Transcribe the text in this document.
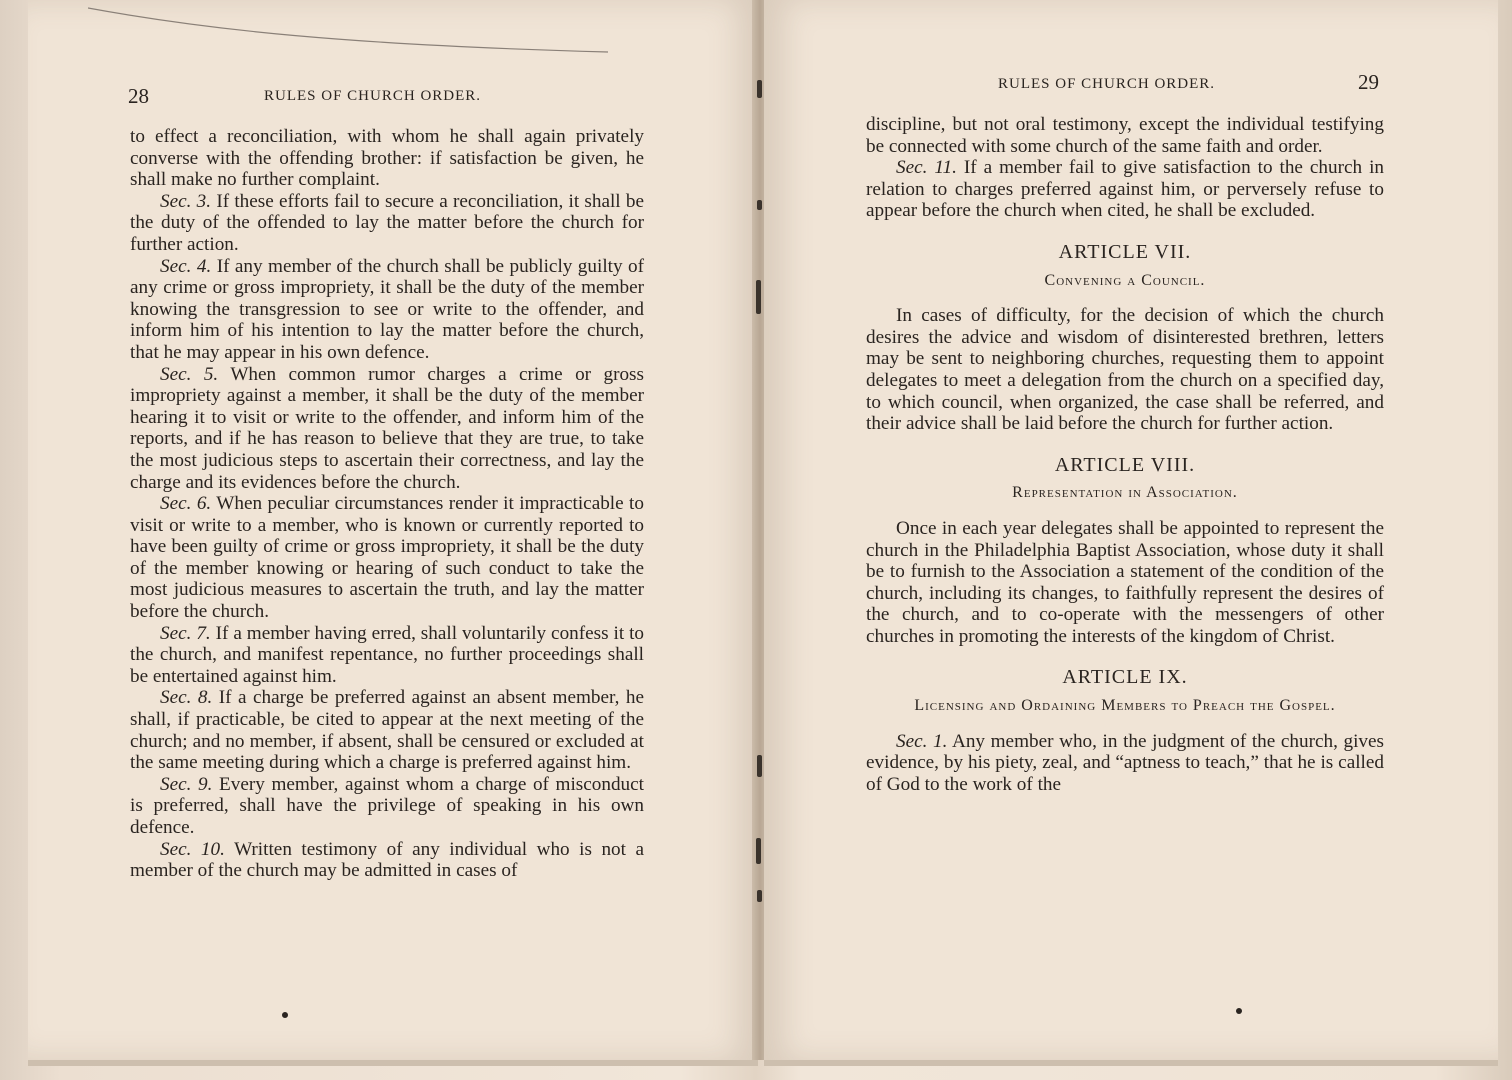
28	RULES OF CHURCH ORDER.

to effect a reconciliation, with whom he shall again privately converse with the offending brother: if satisfaction be given, he shall make no further complaint.

Sec. 3. If these efforts fail to secure a reconciliation, it shall be the duty of the offended to lay the matter before the church for further action.

Sec. 4. If any member of the church shall be publicly guilty of any crime or gross impropriety, it shall be the duty of the member knowing the transgression to see or write to the offender, and inform him of his intention to lay the matter before the church, that he may appear in his own defence.

Sec. 5. When common rumor charges a crime or gross impropriety against a member, it shall be the duty of the member hearing it to visit or write to the offender, and inform him of the reports, and if he has reason to believe that they are true, to take the most judicious steps to ascertain their correctness, and lay the charge and its evidences before the church.

Sec. 6. When peculiar circumstances render it impracticable to visit or write to a member, who is known or currently reported to have been guilty of crime or gross impropriety, it shall be the duty of the member knowing or hearing of such conduct to take the most judicious measures to ascertain the truth, and lay the matter before the church.

Sec. 7. If a member having erred, shall voluntarily confess it to the church, and manifest repentance, no further proceedings shall be entertained against him.

Sec. 8. If a charge be preferred against an absent member, he shall, if practicable, be cited to appear at the next meeting of the church; and no member, if absent, shall be censured or excluded at the same meeting during which a charge is preferred against him.

Sec. 9. Every member, against whom a charge of misconduct is preferred, shall have the privilege of speaking in his own defence.

Sec. 10. Written testimony of any individual who is not a member of the church may be admitted in cases of

RULES OF CHURCH ORDER.	29

discipline, but not oral testimony, except the individual testifying be connected with some church of the same faith and order.

Sec. 11. If a member fail to give satisfaction to the church in relation to charges preferred against him, or perversely refuse to appear before the church when cited, he shall be excluded.

ARTICLE VII.

Convening a Council.

In cases of difficulty, for the decision of which the church desires the advice and wisdom of disinterested brethren, letters may be sent to neighboring churches, requesting them to appoint delegates to meet a delegation from the church on a specified day, to which council, when organized, the case shall be referred, and their advice shall be laid before the church for further action.

ARTICLE VIII.

Representation in Association.

Once in each year delegates shall be appointed to represent the church in the Philadelphia Baptist Association, whose duty it shall be to furnish to the Association a statement of the condition of the church, including its changes, to faithfully represent the desires of the church, and to co-operate with the messengers of other churches in promoting the interests of the kingdom of Christ.

ARTICLE IX.

Licensing and Ordaining Members to Preach the Gospel.

Sec. 1. Any member who, in the judgment of the church, gives evidence, by his piety, zeal, and “aptness to teach,” that he is called of God to the work of the
